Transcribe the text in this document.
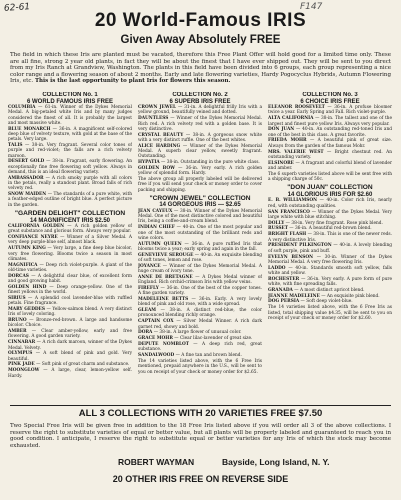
62-61	F147
20 World-Famous IRIS
Given Away Absolutely FREE
The field in which these Iris are planted must be vacated, therefore this Free Plant Offer will hold good for a limited time only. These are all fine, strong 2 year old plants, in fact they will be about the finest that I have ever shipped out. They will be sent to you direct from my Iris Ranch at Grandview, Washington. The plants in this field have been divided into 6 groups, each group representing a nice color range and a flowering season of about 2 months. Early and late flowering varieties, Hardy Pogocyclus Hybrids, Autumn Flowering Iris, etc. This is the last opportunity to plant Iris for flowers this season.
COLLECTION No. 1
6 WORLD FAMOUS IRIS FREE

COLUMBIA — 61-in. Winner of the Dykes Memorial Medal. A big-petaled white Iris and by many judges considered the finest of all. It is probably the largest and most massive white.

BLUE MONARCH — 36-in. A magnificent self-colored deep blue of velvety texture, with gold at the base of the petals. Very large.

TALIS — 38-in. Very fragrant. Several color tones of purple and red-violet; the falls are a rich velvety maroon.

DESERT GOLD — 38-in. Fragrant, early flowering. An exceptionally fine free flowering soft yellow. Always in demand, this is an ideal flowering variety.

AMBASSADOR — A rich smoky purple with all colors in the petals, really a standout plant. Broad falls of rich velvety red.

SNOW MAIDEN — The standards of a pure white, with a feather-edged outline of bright blue. A perfect picture in the garden.

"GARDEN DELIGHT" COLLECTION
14 MAGNIFICENT IRIS $2.50

CALIFORNIA GOLDEN — A rich golden yellow of great substance and glorious form. Always very popular.

CONFIANCE NEYRE — Winner of a Silver Medal. A very deep purple-blue self, almost black.

AUTUMN KING — Very large, a fine deep blue bicolor, very free flowering. Blooms twice a season in most climates.

MAGNIFICA — Deep rich violet-purple. A giant of the old-time varieties.

DORCAS — A delightful clear blue, of excellent form and good growing habit.

GOLDEN HIND — Deep orange-yellow. One of the finest yellows in the world.

SIRIUS — A splendid cool lavender-blue with ruffled petals. Fine fragrance.

MARY GEDDES — Yellow-salmon blend. A very distinct Iris of lovely coloring.

BRUNO — Bronze-red-brown. A large and handsome bicolor. Choice.

AMBER — Clear amber-yellow, early and free flowering. A good garden variety.

CINNABAR — A rich dark maroon, winner of the Dykes Medal. Velvety.

OLYMPUS — A soft blend of pink and gold. Very beautiful.

PINK JADE — Soft pink of great charm and substance.

MOONGLOW — A large, clear, lemon-yellow self. Hardy.

COLLECTION No. 2
6 SUPERB IRIS FREE

CROWN JEWEL — 31-in. A delightful frilly Iris with a yellow ground, beautifully veined and dotted.

DAUNTLESS — Winner of the Dykes Memorial Medal. Rich red. A rich velvety red with a golden base. It is very distinctive.

CRYSTAL BEAUTY — 38-in. A gorgeous snow white with a very distinct ruffle. One of the best whites.

ALICE HARDING — Winner of the Dykes Memorial Medal. A superb clear yellow, sweetly fragrant. Outstanding.

HYPATIA — 38-in. Outstanding in the pure white class.

GOLDEN BOW — 36-in. Very early. A rich golden yellow of splendid form. Hardy.

The above group all properly labeled will be delivered free if you will send your check or money order to cover packing and shipping.

"CROWN JEWEL" COLLECTION
14 GORGEOUS IRIS — $2.65

JEAN CAYEUX — 38-in. Winner of the Dykes Memorial Medal. One of the most distinctive colored and beautiful Iris, being a coffee-and-cream blend.

INDIAN CHIEF — 40-in. One of the most popular and one of the most outstanding of the brilliant reds and wine colors.

AUTUMN QUEEN — 36-in. A pure ruffled Iris that blooms twice a year; early spring and again in the fall.

GENEVIEVE SEROUGE — 40-in. An exquisite blending of soft tones, lemon and rose.

JOYANCE — Winner of the Dykes Memorial Medal. A huge cream of ivory tone.

ANNE DE BRETAGNE — A Dykes Medal winner of England. Rich orchid-crimson Iris with yellow veins.

FIREFLY — 36-in. One of the best of the copper tones. A fine garden variety.

MADELEINE BETTS — 36-in. Early. A very lovely blend of pink and old rose, with a wide spread.

GLEAM — 38-in. A distinct red-blue, the color pronounced blending richly orange.

CAPTAIN COX — Silver Medal Winner. A rich dark garnet red, showy and bold.

DORA — 38-in. A large flower of unusual color.

GRACE MOHR — Clear lilac-lavender of great size.

DEPUTE NOMBLOT — A deep rich red, great substance.

SANDALWOOD — A fine tan and brown blend.

The 14 varieties listed above, with the 6 Free Iris mentioned, prepaid anywhere in the U.S., will be sent to you on receipt of your check or money order for $2.65.

COLLECTION No. 3
6 CHOICE IRIS FREE

ELEANOR ROOSEVELT — 36-in. A profuse bloomer twice a year. Early Spring and Fall. Rich violet-purple.

ALTA CALIFORNIA — 38-in. The tallest and one of the largest and finest pure yellow Iris. Always very popular.

DON JUAN — 40-in. An outstanding red-toned Iris and one of the best in this class. A great favorite.

FRIEDA MOHR — A beautiful pink of great size. Always from the garden of the famous Mohr.

MRS. VALERIE WEST — Bright chestnut red. An outstanding variety.

ELSINORE — A fragrant and colorful blend of lavender and amber.

The 6 superb varieties listed above will be sent free with a shipping charge of 50c.

"DON JUAN" COLLECTION
14 GLORIOUS IRIS FOR $2.60

E. B. WILLIAMSON — 40-in. Color rich Iris, nearly red, with outstanding qualities.

SAN FRANCISCO — Winner of the Dykes Medal. Very large white with blue stitching.

DOLLY — 38-in. Very fine fragrant. Rose pink blend.

RUSSET — 36-in. A beautiful red-brown blend.

BRIGHT FLASH — 38-in. This is one of the newer reds. A very distinctive Iris.

PRESIDENT PILKINGTON — 40-in. A lovely blending of soft purple, pink and buff.

EVELYN BENSON — 30-in. Winner of the Dykes Memorial Medal. A very free flowering Iris.

LADDO — 40-in. Standards smooth soft yellow, falls white and yellow.

ROCHESTER — 36-in. Very early. A pure form of pure white, with fine spreading falls.

GRANADA — A most distinct apricot blend.

JEANNE MADELEINE — An exquisite pink blend.

DOG PERSIA — Soft deep violet-blue.

The 14 varieties listed above, with the 6 Free Iris as listed, total shipping value $4.35, will be sent to you on receipt of your check or money order for $2.60.

ALL 3 COLLECTIONS WITH 20 VARIETIES FREE $7.50
Two Special Free Iris will be given free in addition to the 18 Free Iris listed above if you will order all 3 of the above collections. I reserve the right to substitute varieties of equal or better value, but all plants will be properly labeled and guaranteed to reach you in good condition. I anticipate, I reserve the right to substitute equal or better varieties for any Iris of which the stock may become exhausted.
ROBERT WAYMAN	Bayside, Long Island, N. Y.
20 OTHER IRIS FREE ON REVERSE SIDE
